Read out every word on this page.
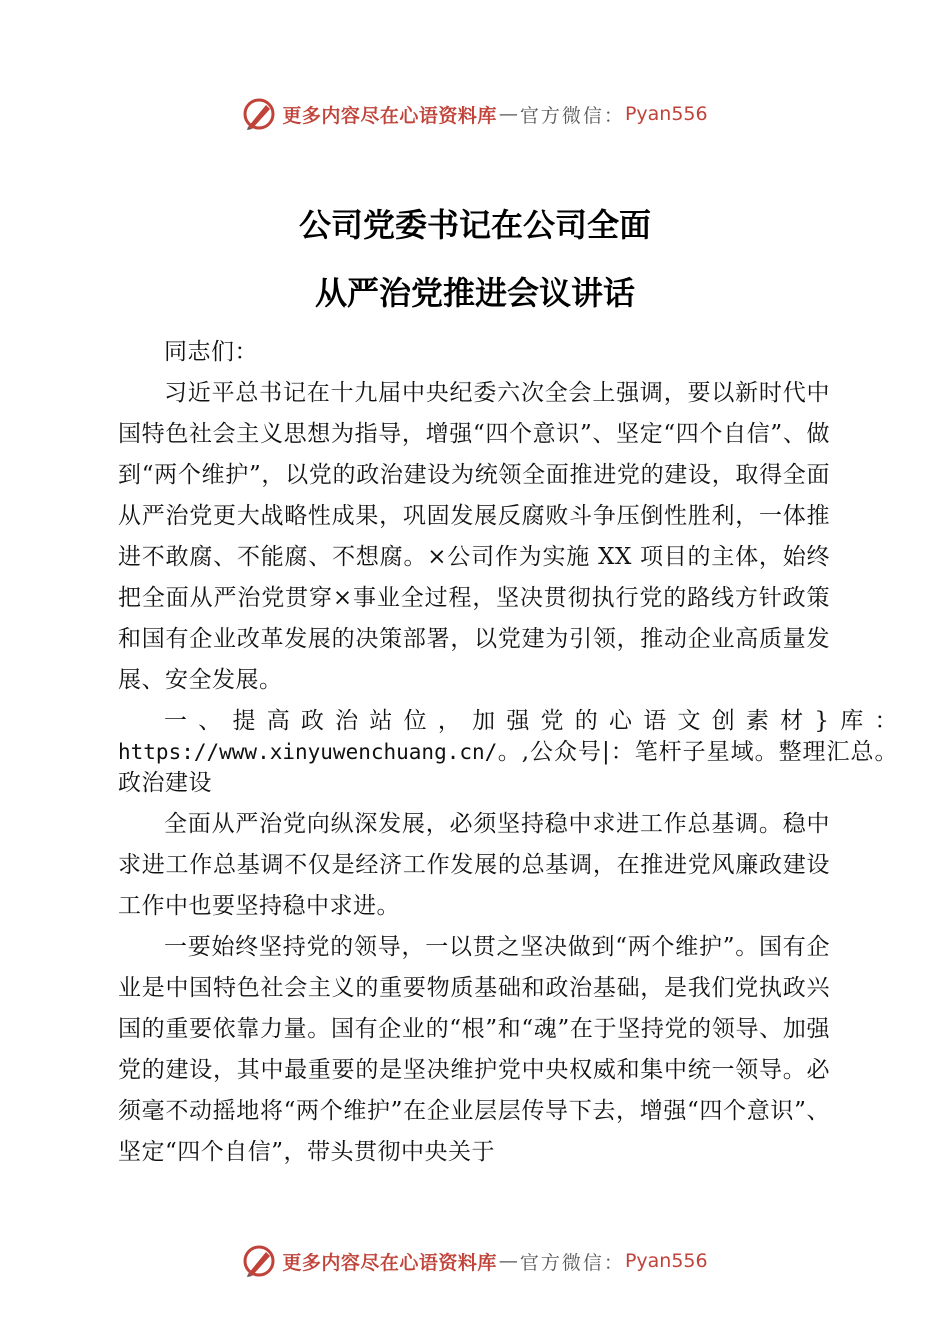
更多内容尽在心语资料库 — 官方微信： Pyan556
公司党委书记在公司全面
从严治党推进会议讲话

同志们：

习近平总书记在十九届中央纪委六次全会上强调，要以新时代中国特色社会主义思想为指导，增强“四个意识”、坚定“四个自信”、做到“两个维护”，以党的政治建设为统领全面推进党的建设，取得全面从严治党更大战略性成果，巩固发展反腐败斗争压倒性胜利，一体推进不敢腐、不能腐、不想腐。×公司作为实施 XX 项目的主体，始终把全面从严治党贯穿×事业全过程，坚决贯彻执行党的路线方针政策和国有企业改革发展的决策部署，以党建为引领，推动企业高质量发展、安全发展。

一、提高政治站位，加强党的心语文创素材}库：https://www.xinyuwenchuang.cn/。,公众号|：笔杆子星域。整理汇总。政治建设

全面从严治党向纵深发展，必须坚持稳中求进工作总基调。稳中求进工作总基调不仅是经济工作发展的总基调，在推进党风廉政建设工作中也要坚持稳中求进。

一要始终坚持党的领导，一以贯之坚决做到“两个维护”。国有企业是中国特色社会主义的重要物质基础和政治基础，是我们党执政兴国的重要依靠力量。国有企业的“根”和“魂”在于坚持党的领导、加强党的建设，其中最重要的是坚决维护党中央权威和集中统一领导。必须毫不动摇地将“两个维护”在企业层层传导下去，增强“四个意识”、坚定“四个自信”，带头贯彻中央关于

更多内容尽在心语资料库 — 官方微信： Pyan556
